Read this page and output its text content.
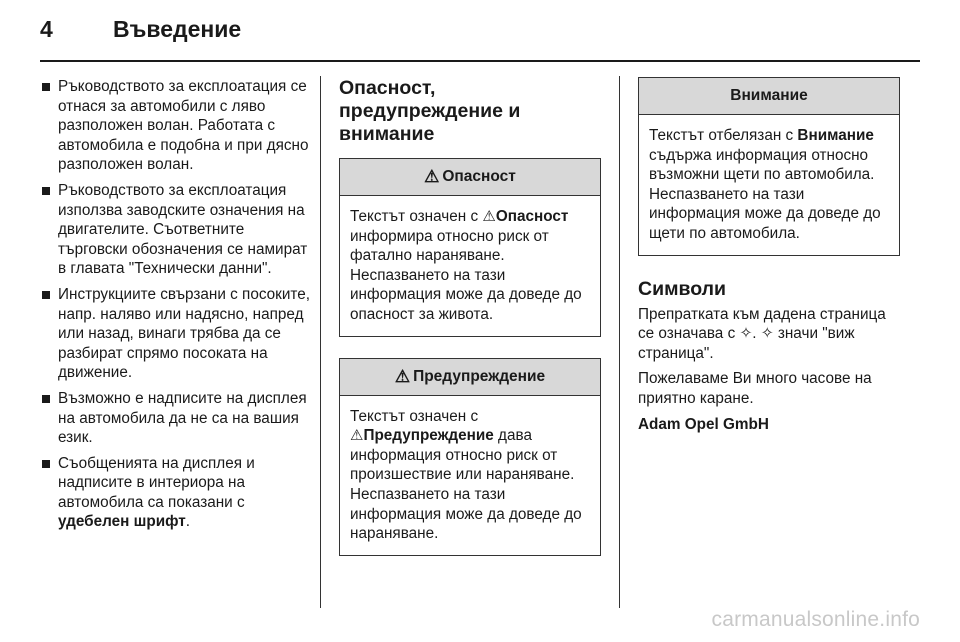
4	Въведение
Ръководството за експлоатация се отнася за автомобили с ляво разположен волан. Работата с автомобила е подобна и при дясно разположен волан.
Ръководството за експлоатация използва заводските означения на двигателите. Съответните търговски обозначения се намират в главата "Технически данни".
Инструкциите свързани с посоките, напр. наляво или надясно, напред или назад, винаги трябва да се разбират спрямо посоката на движение.
Възможно е надписите на дисплея на автомобила да не са на вашия език.
Съобщенията на дисплея и надписите в интериора на автомобила са показани с удебелен шрифт.
Опасност, предупреждение и внимание
⚠ Опасност
Текстът означен с ⚠Опасност информира относно риск от фатално нараняване. Неспазването на тази информация може да доведе до опасност за живота.
⚠ Предупреждение
Текстът означен с ⚠Предупреждение дава информация относно риск от произшествие или нараняване. Неспазването на тази информация може да доведе до нараняване.
Внимание
Текстът отбелязан с Внимание съдържа информация относно възможни щети по автомобила. Неспазването на тази информация може да доведе до щети по автомобила.
Символи

Препратката към дадена страница се означава с ✧. ✧ значи "виж страница".

Пожелаваме Ви много часове на приятно каране.

Adam Opel GmbH

carmanualsonline.info
